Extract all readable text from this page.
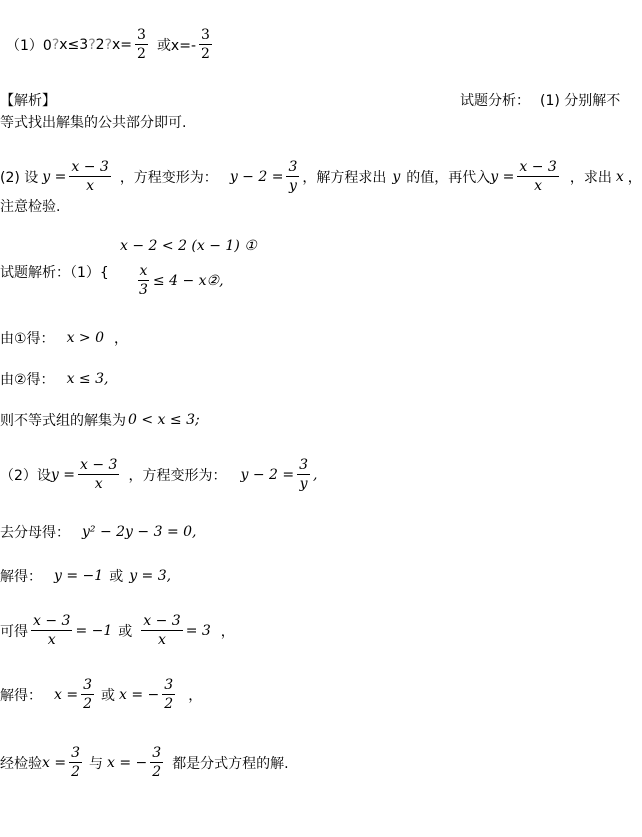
（1）0 ? x≤3 ? 2 ? $x= \frac{3}{2}$ 或$x=- \frac{3}{2}$
【解析】	试题分析： (1) 分别解不
等式找出解集的公共部分即可.
(2) 设 $y = \frac{x - 3}{x}$ ，方程变形为： $y - 2 = \frac{3}{y}$ ，解方程求出 y 的值，再代入 $y = \frac{x - 3}{x}$ ，求出 x ，
注意检验.
x − 2 < 2 (x − 1) ①
试题解析：$(1)\{ \frac{x}{3} \le 4$ − x②,
由①得： x > 0 ，
由②得： x ≤ 3,
则不等式组的解集为 0 < x ≤ 3;
（2）设 $y = \frac{x - 3}{x}$ ，方程变形为： $y - 2 = \frac{3}{y}$ ,
去分母得： y² − 2y − 3 = 0,
解得： y = −1 或 y = 3,
可得 $\frac{x - 3}{x} = -1$ 或 $\frac{x - 3}{x} = 3$ ，
解得： $x = \frac{3}{2}$ 或 x = − $\frac{3}{2}$ ，
经检验 $x = \frac{3}{2}$ 与 x = − $\frac{3}{2}$ 都是分式方程的解.
